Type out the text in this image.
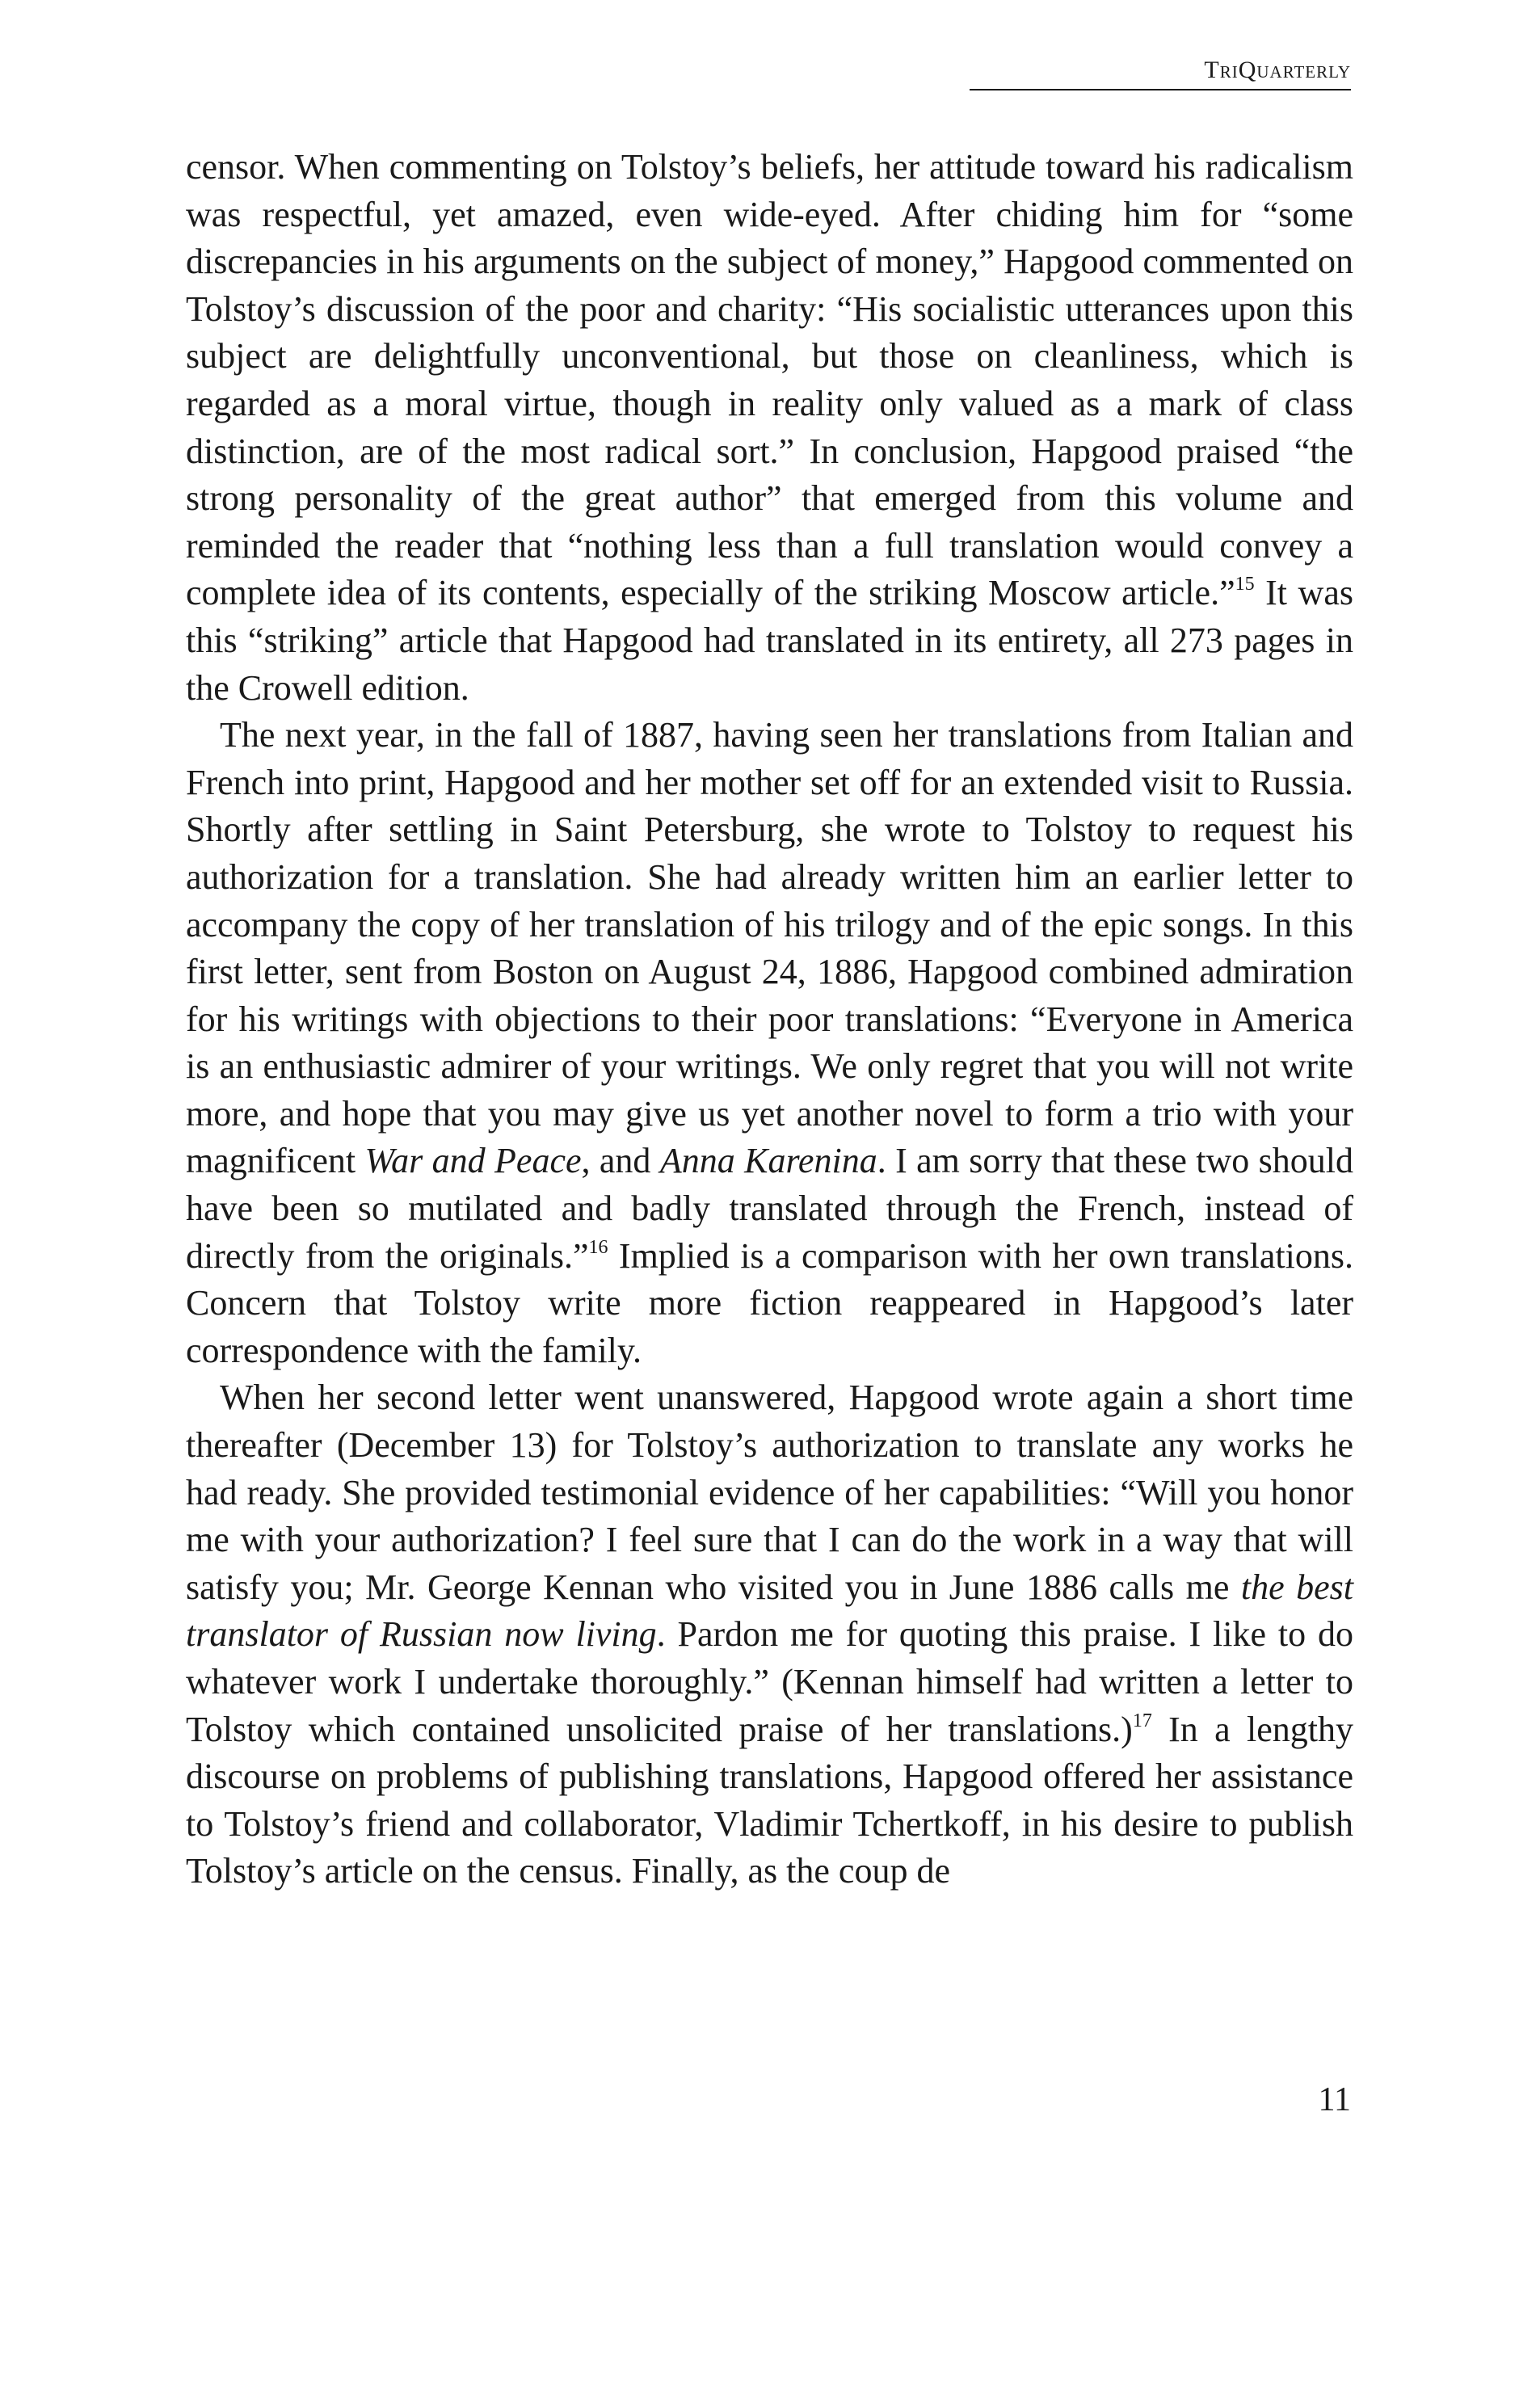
TriQuarterly

censor. When commenting on Tolstoy’s beliefs, her attitude toward his radicalism was respectful, yet amazed, even wide-eyed. After chiding him for “some discrepancies in his arguments on the subject of money,” Hapgood commented on Tolstoy’s discussion of the poor and charity: “His socialistic utterances upon this subject are delightfully unconventional, but those on cleanliness, which is regarded as a moral virtue, though in reality only valued as a mark of class distinction, are of the most radical sort.” In conclusion, Hapgood praised “the strong personality of the great author” that emerged from this volume and reminded the reader that “nothing less than a full translation would convey a complete idea of its contents, especially of the striking Moscow article.”$^{15}$ It was this “striking” article that Hapgood had translated in its entirety, all 273 pages in the Crowell edition.

The next year, in the fall of 1887, having seen her translations from Italian and French into print, Hapgood and her mother set off for an extended visit to Russia. Shortly after settling in Saint Petersburg, she wrote to Tolstoy to request his authorization for a translation. She had already written him an earlier letter to accompany the copy of her translation of his trilogy and of the epic songs. In this first letter, sent from Boston on August 24, 1886, Hapgood combined admiration for his writings with objections to their poor translations: “Everyone in America is an enthusiastic admirer of your writings. We only regret that you will not write more, and hope that you may give us yet another novel to form a trio with your magnificent War and Peace, and Anna Karenina. I am sorry that these two should have been so mutilated and badly translated through the French, instead of directly from the originals.”$^{16}$ Implied is a comparison with her own translations. Concern that Tolstoy write more fiction reappeared in Hapgood’s later correspondence with the family.

When her second letter went unanswered, Hapgood wrote again a short time thereafter (December 13) for Tolstoy’s authorization to translate any works he had ready. She provided testimonial evidence of her capabilities: “Will you honor me with your authorization? I feel sure that I can do the work in a way that will satisfy you; Mr. George Kennan who visited you in June 1886 calls me the best translator of Russian now living. Pardon me for quoting this praise. I like to do whatever work I undertake thoroughly.” (Kennan himself had written a letter to Tolstoy which contained unsolicited praise of her translations.)$^{17}$ In a lengthy discourse on problems of publishing translations, Hapgood offered her assistance to Tolstoy’s friend and collaborator, Vladimir Tchertkoff, in his desire to publish Tolstoy’s article on the census. Finally, as the coup de

11
